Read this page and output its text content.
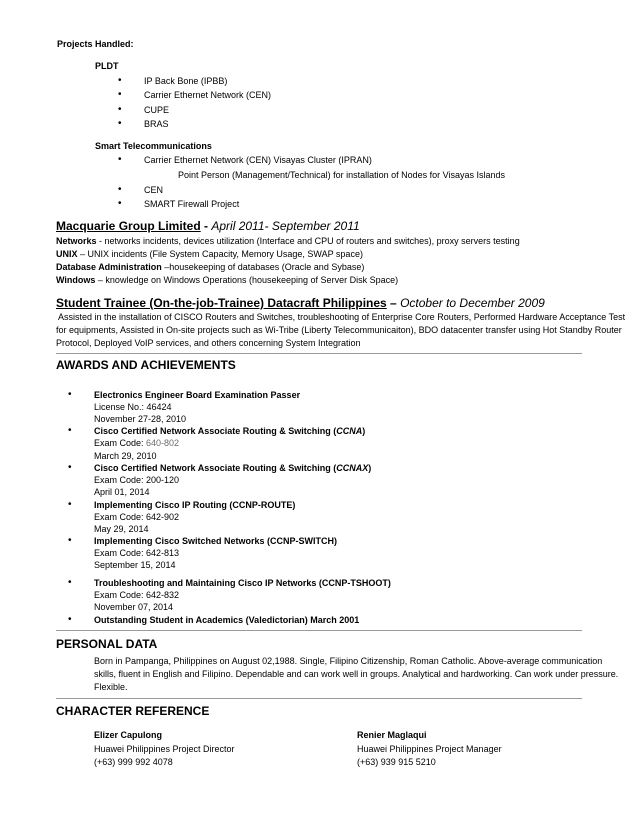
Projects Handled:
PLDT
• IP Back Bone (IPBB)
• Carrier Ethernet Network (CEN)
• CUPE
• BRAS
Smart Telecommunications
• Carrier Ethernet Network (CEN) Visayas Cluster (IPRAN)
Point Person (Management/Technical) for installation of Nodes for Visayas Islands
• CEN
• SMART Firewall Project
Macquarie Group Limited - April 2011- September 2011
Networks - networks incidents, devices utilization (Interface and CPU of routers and switches), proxy servers testing
UNIX – UNIX incidents (File System Capacity, Memory Usage, SWAP space)
Database Administration –housekeeping of databases (Oracle and Sybase)
Windows – knowledge on Windows Operations (housekeeping of Server Disk Space)
Student Trainee (On-the-job-Trainee) Datacraft Philippines – October to December 2009
Assisted in the installation of CISCO Routers and Switches, troubleshooting of Enterprise Core Routers, Performed Hardware Acceptance Test
for equipments, Assisted in On-site projects such as Wi-Tribe (Liberty Telecommunicaiton), BDO datacenter transfer using Hot Standby Router
Protocol, Deployed VoIP services, and others concerning System Integration
AWARDS AND ACHIEVEMENTS
• Electronics Engineer Board Examination Passer
License No.: 46424
November 27-28, 2010
• Cisco Certified Network Associate Routing & Switching (CCNA)
Exam Code: 640-802
March 29, 2010
• Cisco Certified Network Associate Routing & Switching (CCNAX)
Exam Code: 200-120
April 01, 2014
• Implementing Cisco IP Routing (CCNP-ROUTE)
Exam Code: 642-902
May 29, 2014
• Implementing Cisco Switched Networks (CCNP-SWITCH)
Exam Code: 642-813
September 15, 2014
• Troubleshooting and Maintaining Cisco IP Networks (CCNP-TSHOOT)
Exam Code: 642-832
November 07, 2014
• Outstanding Student in Academics (Valedictorian) March 2001
PERSONAL DATA
Born in Pampanga, Philippines on August 02,1988. Single, Filipino Citizenship, Roman Catholic. Above-average communication
skills, fluent in English and Filipino. Dependable and can work well in groups. Analytical and hardworking. Can work under pressure.
Flexible.
CHARACTER REFERENCE
Elizer Capulong
Huawei Philippines Project Director
(+63) 999 992 4078
Renier Maglaqui
Huawei Philippines Project Manager
(+63) 939 915 5210
